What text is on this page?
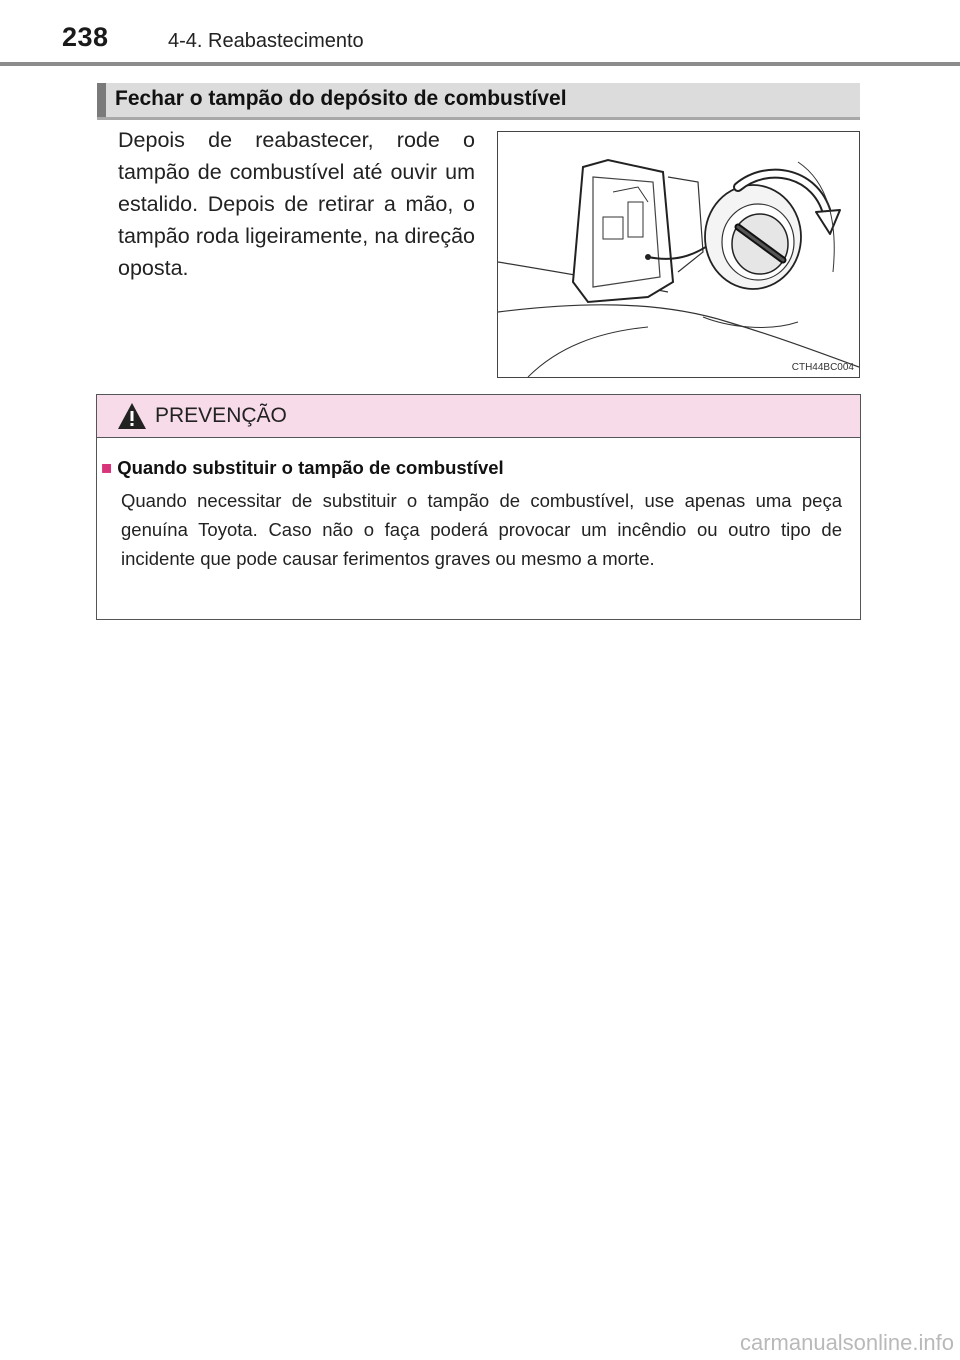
238	4-4. Reabastecimento
Fechar o tampão do depósito de combustível
Depois de reabastecer, rode o tampão de combustível até ouvir um estalido. Depois de retirar a mão, o tampão roda ligeiramente, na direção oposta.
CTH44BC004
PREVENÇÃO
■ Quando substituir o tampão de combustível
Quando necessitar de substituir o tampão de combustível, use apenas uma peça genuína Toyota. Caso não o faça poderá provocar um incêndio ou outro tipo de incidente que pode causar ferimentos graves ou mesmo a morte.
carmanualsonline.info
